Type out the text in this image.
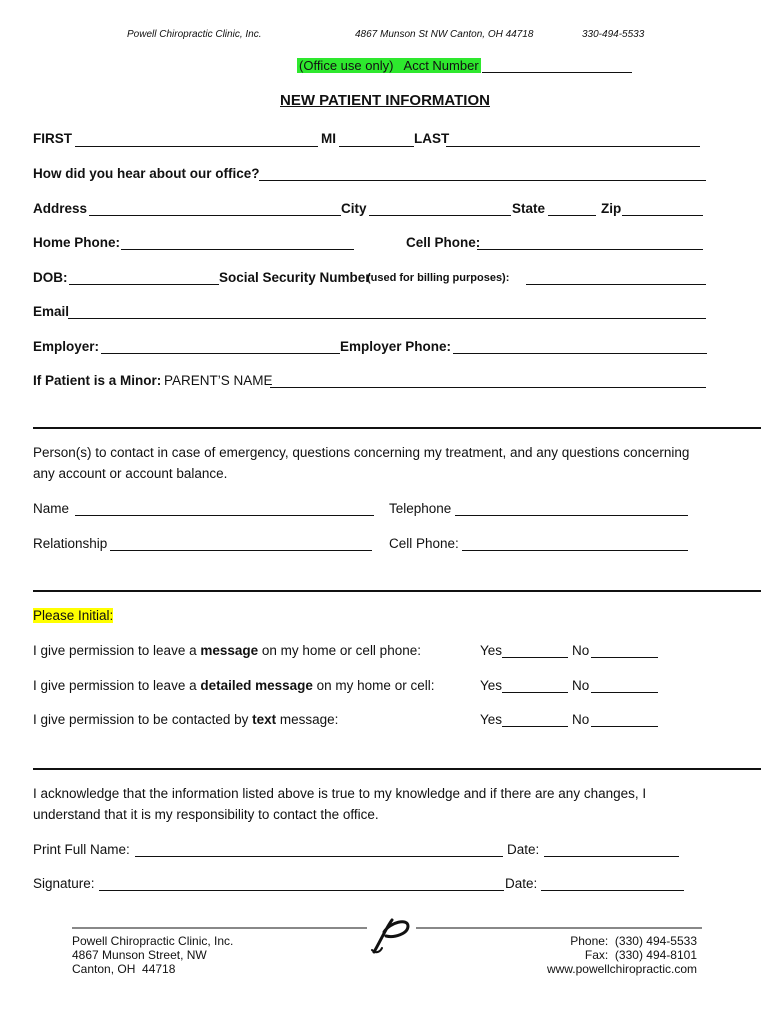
Powell Chiropractic Clinic, Inc.	4867 Munson St NW Canton, OH 44718	330-494-5533
(Office use only)   Acct Number
NEW PATIENT INFORMATION
FIRST	MI	LAST
How did you hear about our office?
Address	City	State	Zip
Home Phone:	Cell Phone:
DOB:	Social Security Number
(used for billing purposes):
Email
Employer:	Employer Phone:
If Patient is a Minor: PARENT’S NAME
Person(s) to contact in case of emergency, questions concerning my treatment, and any questions concerning
any account or account balance.
Name	Telephone
Relationship	Cell Phone:
Please Initial:
I give permission to leave a message on my home or cell phone:	Yes	No
I give permission to leave a detailed message on my home or cell:	Yes	No
I give permission to be contacted by text message:	Yes	No
I acknowledge that the information listed above is true to my knowledge and if there are any changes, I
understand that it is my responsibility to contact the office.
Print Full Name:	Date:
Signature:	Date:
Powell Chiropractic Clinic, Inc.
4867 Munson Street, NW
Canton, OH  44718
Phone:  (330) 494-5533
Fax:  (330) 494-8101
www.powellchiropractic.com
